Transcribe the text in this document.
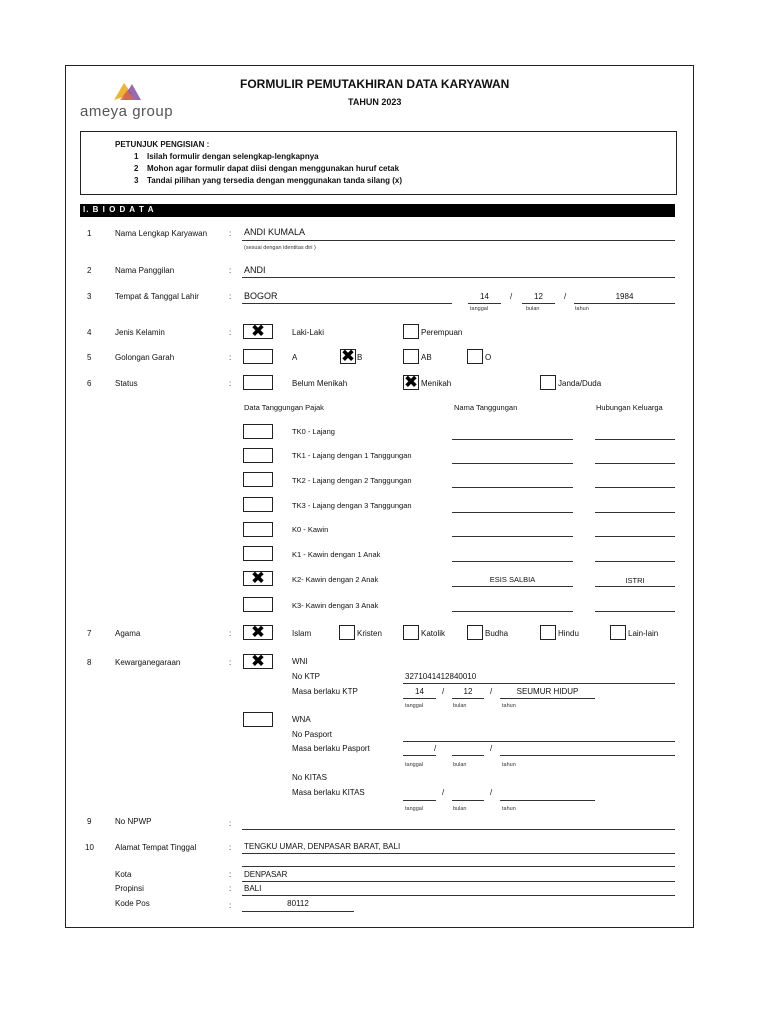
ameya group
FORMULIR PEMUTAKHIRAN DATA KARYAWAN
TAHUN 2023
PETUNJUK PENGISIAN :
1 Isilah formulir dengan selengkap-lengkapnya
2 Mohon agar formulir dapat diisi dengan menggunakan huruf cetak
3 Tandai pilihan yang tersedia dengan menggunakan tanda silang (x)
I. B I O D A T A
1	Nama Lengkap Karyawan	: ANDI KUMALA
(sesuai dengan identitas diri )
2	Nama Panggilan	: ANDI
3	Tempat & Tanggal Lahir	: BOGOR	14	/	12	/	1984
tanggal	bulan	tahun
4	Jenis Kelamin	: ✖	Laki-Laki	Perempuan
5	Golongan Garah	:	A	✖ B	AB	O
6	Status	:	Belum Menikah	✖ Menikah	Janda/Duda
Data Tanggungan Pajak	Nama Tanggungan	Hubungan Keluarga
TK0 - Lajang
TK1 - Lajang dengan 1 Tanggungan
TK2 - Lajang dengan 2 Tanggungan
TK3 - Lajang dengan 3 Tanggungan
K0 - Kawin
K1 - Kawin dengan 1 Anak
✖	K2- Kawin dengan 2 Anak	ESIS SALBIA	ISTRI
K3- Kawin dengan 3 Anak
7	Agama	: ✖	Islam	Kristen	Katolik	Budha	Hindu	Lain-lain
8	Kewarganegaraan	: ✖	WNI
No KTP	3271041412840010
Masa berlaku KTP	14	/	12	/	SEUMUR HIDUP
tanggal	bulan	tahun
WNA
No Pasport
Masa berlaku Pasport	/	/
tanggal	bulan	tahun
No KITAS
Masa berlaku KITAS	/	/
tanggal	bulan	tahun
9	No NPWP	:
10	Alamat Tempat Tinggal	: TENGKU UMAR, DENPASAR BARAT, BALI
Kota	: DENPASAR
Propinsi	: BALI
Kode Pos	:	80112
